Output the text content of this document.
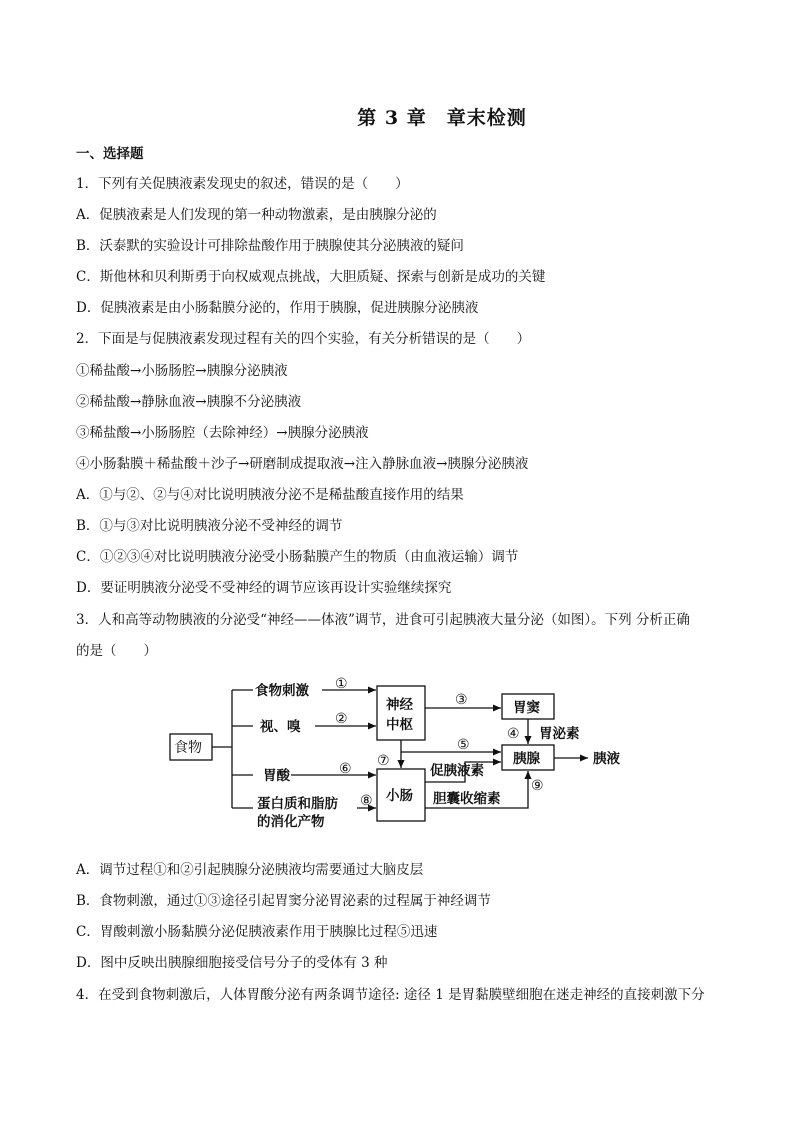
第 3 章　章末检测
一、选择题
1．下列有关促胰液素发现史的叙述，错误的是（　　）
A．促胰液素是人们发现的第一种动物激素，是由胰腺分泌的
B．沃泰默的实验设计可排除盐酸作用于胰腺使其分泌胰液的疑问
C．斯他林和贝利斯勇于向权威观点挑战，大胆质疑、探索与创新是成功的关键
D．促胰液素是由小肠黏膜分泌的，作用于胰腺，促进胰腺分泌胰液
2．下面是与促胰液素发现过程有关的四个实验，有关分析错误的是（　　）
①稀盐酸→小肠肠腔→胰腺分泌胰液
②稀盐酸→静脉血液→胰腺不分泌胰液
③稀盐酸→小肠肠腔（去除神经）→胰腺分泌胰液
④小肠黏膜＋稀盐酸＋沙子→研磨制成提取液→注入静脉血液→胰腺分泌胰液
A．①与②、②与④对比说明胰液分泌不是稀盐酸直接作用的结果
B．①与③对比说明胰液分泌不受神经的调节
C．①②③④对比说明胰液分泌受小肠黏膜产生的物质（由血液运输）调节
D．要证明胰液分泌受不受神经的调节应该再设计实验继续探究
3．人和高等动物胰液的分泌受“神经——体液”调节，进食可引起胰液大量分泌（如图）。下列 分析正确
的是（　　）
食物
食物刺激
视、嗅
胃酸
蛋白质和脂肪
的消化产物
神经
中枢
胃窦
胰腺
小肠
胰液
胃泌素
促胰液素
胆囊收缩素
①
②
③
④
⑤
⑥ ⑦
⑧
⑨
A．调节过程①和②引起胰腺分泌胰液均需要通过大脑皮层
B．食物刺激，通过①③途径引起胃窦分泌胃泌素的过程属于神经调节
C．胃酸刺激小肠黏膜分泌促胰液素作用于胰腺比过程⑤迅速
D．图中反映出胰腺细胞接受信号分子的受体有 3 种
4．在受到食物刺激后，人体胃酸分泌有两条调节途径: 途径 1 是胃黏膜壁细胞在迷走神经的直接刺激下分
